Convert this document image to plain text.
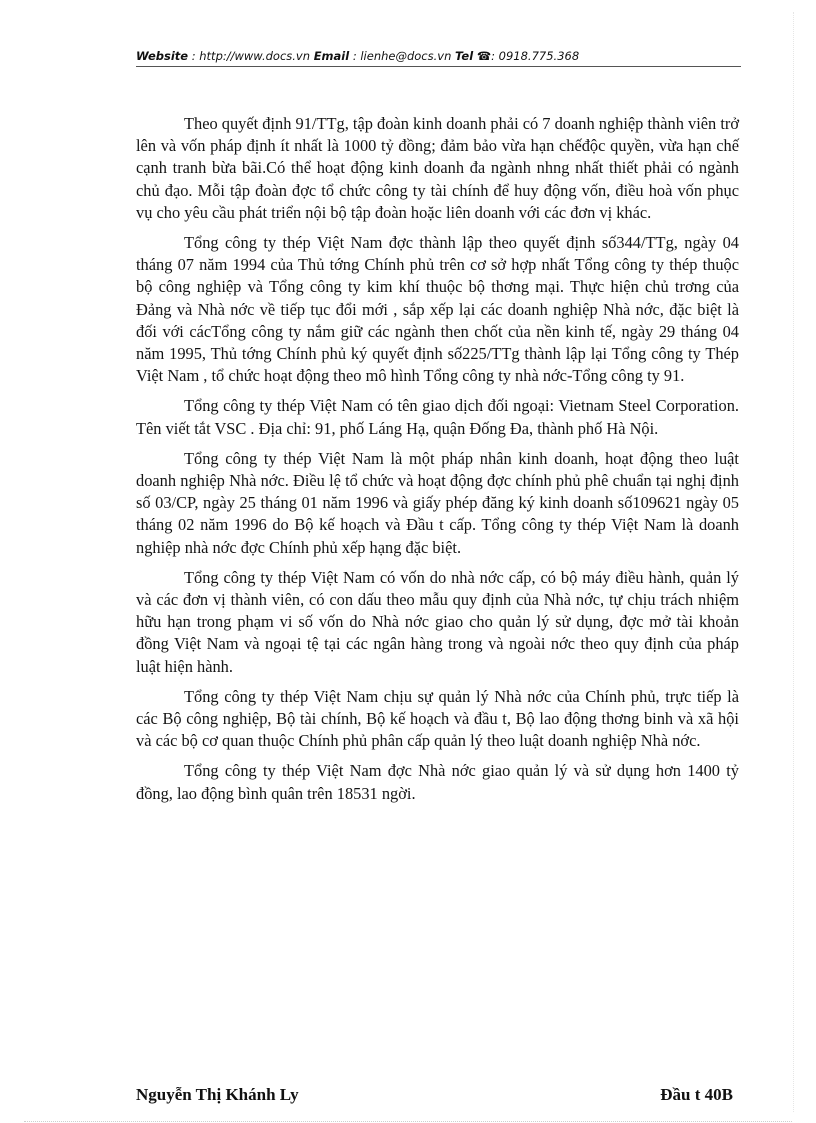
Website : http://www.docs.vn Email : lienhe@docs.vn Tel ☎: 0918.775.368

Theo quyết định 91/TTg, tập đoàn kinh doanh phải có 7 doanh nghiệp thành viên trở lên và vốn pháp định ít nhất là 1000 tỷ đồng; đảm bảo vừa hạn chếđộc quyền, vừa hạn chế cạnh tranh bừa bãi.Có thể hoạt động kinh doanh đa ngành nhng nhất thiết phải có ngành chủ đạo. Mỗi tập đoàn đợc tổ chức công ty tài chính để huy động vốn, điều hoà vốn phục vụ cho yêu cầu phát triển nội bộ tập đoàn hoặc liên doanh với các đơn vị khác.

Tổng công ty thép Việt Nam đợc thành lập theo quyết định số344/TTg, ngày 04 tháng 07 năm 1994 của Thủ tớng Chính phủ trên cơ sở hợp nhất Tổng công ty thép thuộc bộ công nghiệp và Tổng công ty kim khí thuộc bộ thơng mại. Thực hiện chủ trơng của Đảng và Nhà nớc về tiếp tục đổi mới , sắp xếp lại các doanh nghiệp Nhà nớc, đặc biệt là đối với cácTổng công ty nắm giữ các ngành then chốt của nền kinh tế, ngày 29 tháng 04 năm 1995, Thủ tớng Chính phủ ký quyết định số225/TTg thành lập lại Tổng công ty Thép Việt Nam , tổ chức hoạt động theo mô hình Tổng công ty nhà nớc-Tổng công ty 91.

Tổng công ty thép Việt Nam có tên giao dịch đối ngoại: Vietnam Steel Corporation. Tên viết tắt VSC . Địa chỉ: 91, phố Láng Hạ, quận Đống Đa, thành phố Hà Nội.

Tổng công ty thép Việt Nam là một pháp nhân kinh doanh, hoạt động theo luật doanh nghiệp Nhà nớc. Điều lệ tổ chức và hoạt động đợc chính phủ phê chuẩn tại nghị định số 03/CP, ngày 25 tháng 01 năm 1996 và giấy phép đăng ký kinh doanh số109621 ngày 05 tháng 02 năm 1996 do Bộ kế hoạch và Đầu t cấp. Tổng công ty thép Việt Nam là doanh nghiệp nhà nớc đợc Chính phủ xếp hạng đặc biệt.

Tổng công ty thép Việt Nam có vốn do nhà nớc cấp, có bộ máy điều hành, quản lý và các đơn vị thành viên, có con dấu theo mẫu quy định của Nhà nớc, tự chịu trách nhiệm hữu hạn trong phạm vi số vốn do Nhà nớc giao cho quản lý sử dụng, đợc mở tài khoản đồng Việt Nam và ngoại tệ tại các ngân hàng trong và ngoài nớc theo quy định của pháp luật hiện hành.

Tổng công ty thép Việt Nam chịu sự quản lý Nhà nớc của Chính phủ, trực tiếp là các Bộ công nghiệp, Bộ tài chính, Bộ kế hoạch và đầu t, Bộ lao động thơng binh và xã hội và các bộ cơ quan thuộc Chính phủ phân cấp quản lý theo luật doanh nghiệp Nhà nớc.

Tổng công ty thép Việt Nam đợc Nhà nớc giao quản lý và sử dụng hơn 1400 tỷ đồng, lao động bình quân trên 18531 ngời.

Nguyễn Thị Khánh Ly	Đầu t 40B
